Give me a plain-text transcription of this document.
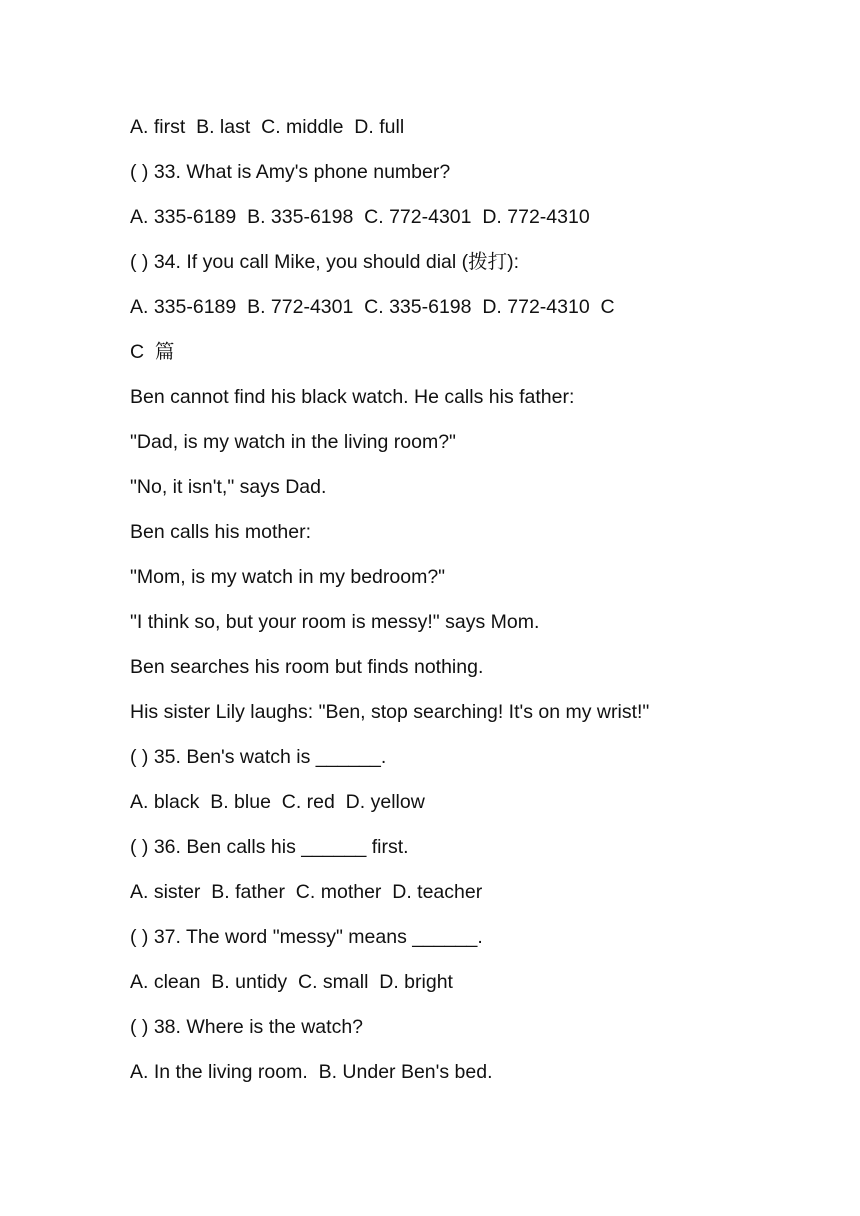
A. first  B. last  C. middle  D. full
( ) 33. What is Amy's phone number?
A. 335-6189  B. 335-6198  C. 772-4301  D. 772-4310
( ) 34. If you call Mike, you should dial (拨打):
A. 335-6189  B. 772-4301  C. 335-6198  D. 772-4310  C
C  篇
Ben cannot find his black watch. He calls his father:
"Dad, is my watch in the living room?"
"No, it isn't," says Dad.
Ben calls his mother:
"Mom, is my watch in my bedroom?"
"I think so, but your room is messy!" says Mom.
Ben searches his room but finds nothing.
His sister Lily laughs: "Ben, stop searching! It's on my wrist!"
( ) 35. Ben's watch is ______.
A. black  B. blue  C. red  D. yellow
( ) 36. Ben calls his ______ first.
A. sister  B. father  C. mother  D. teacher
( ) 37. The word "messy" means ______.
A. clean  B. untidy  C. small  D. bright
( ) 38. Where is the watch?
A. In the living room.  B. Under Ben's bed.
